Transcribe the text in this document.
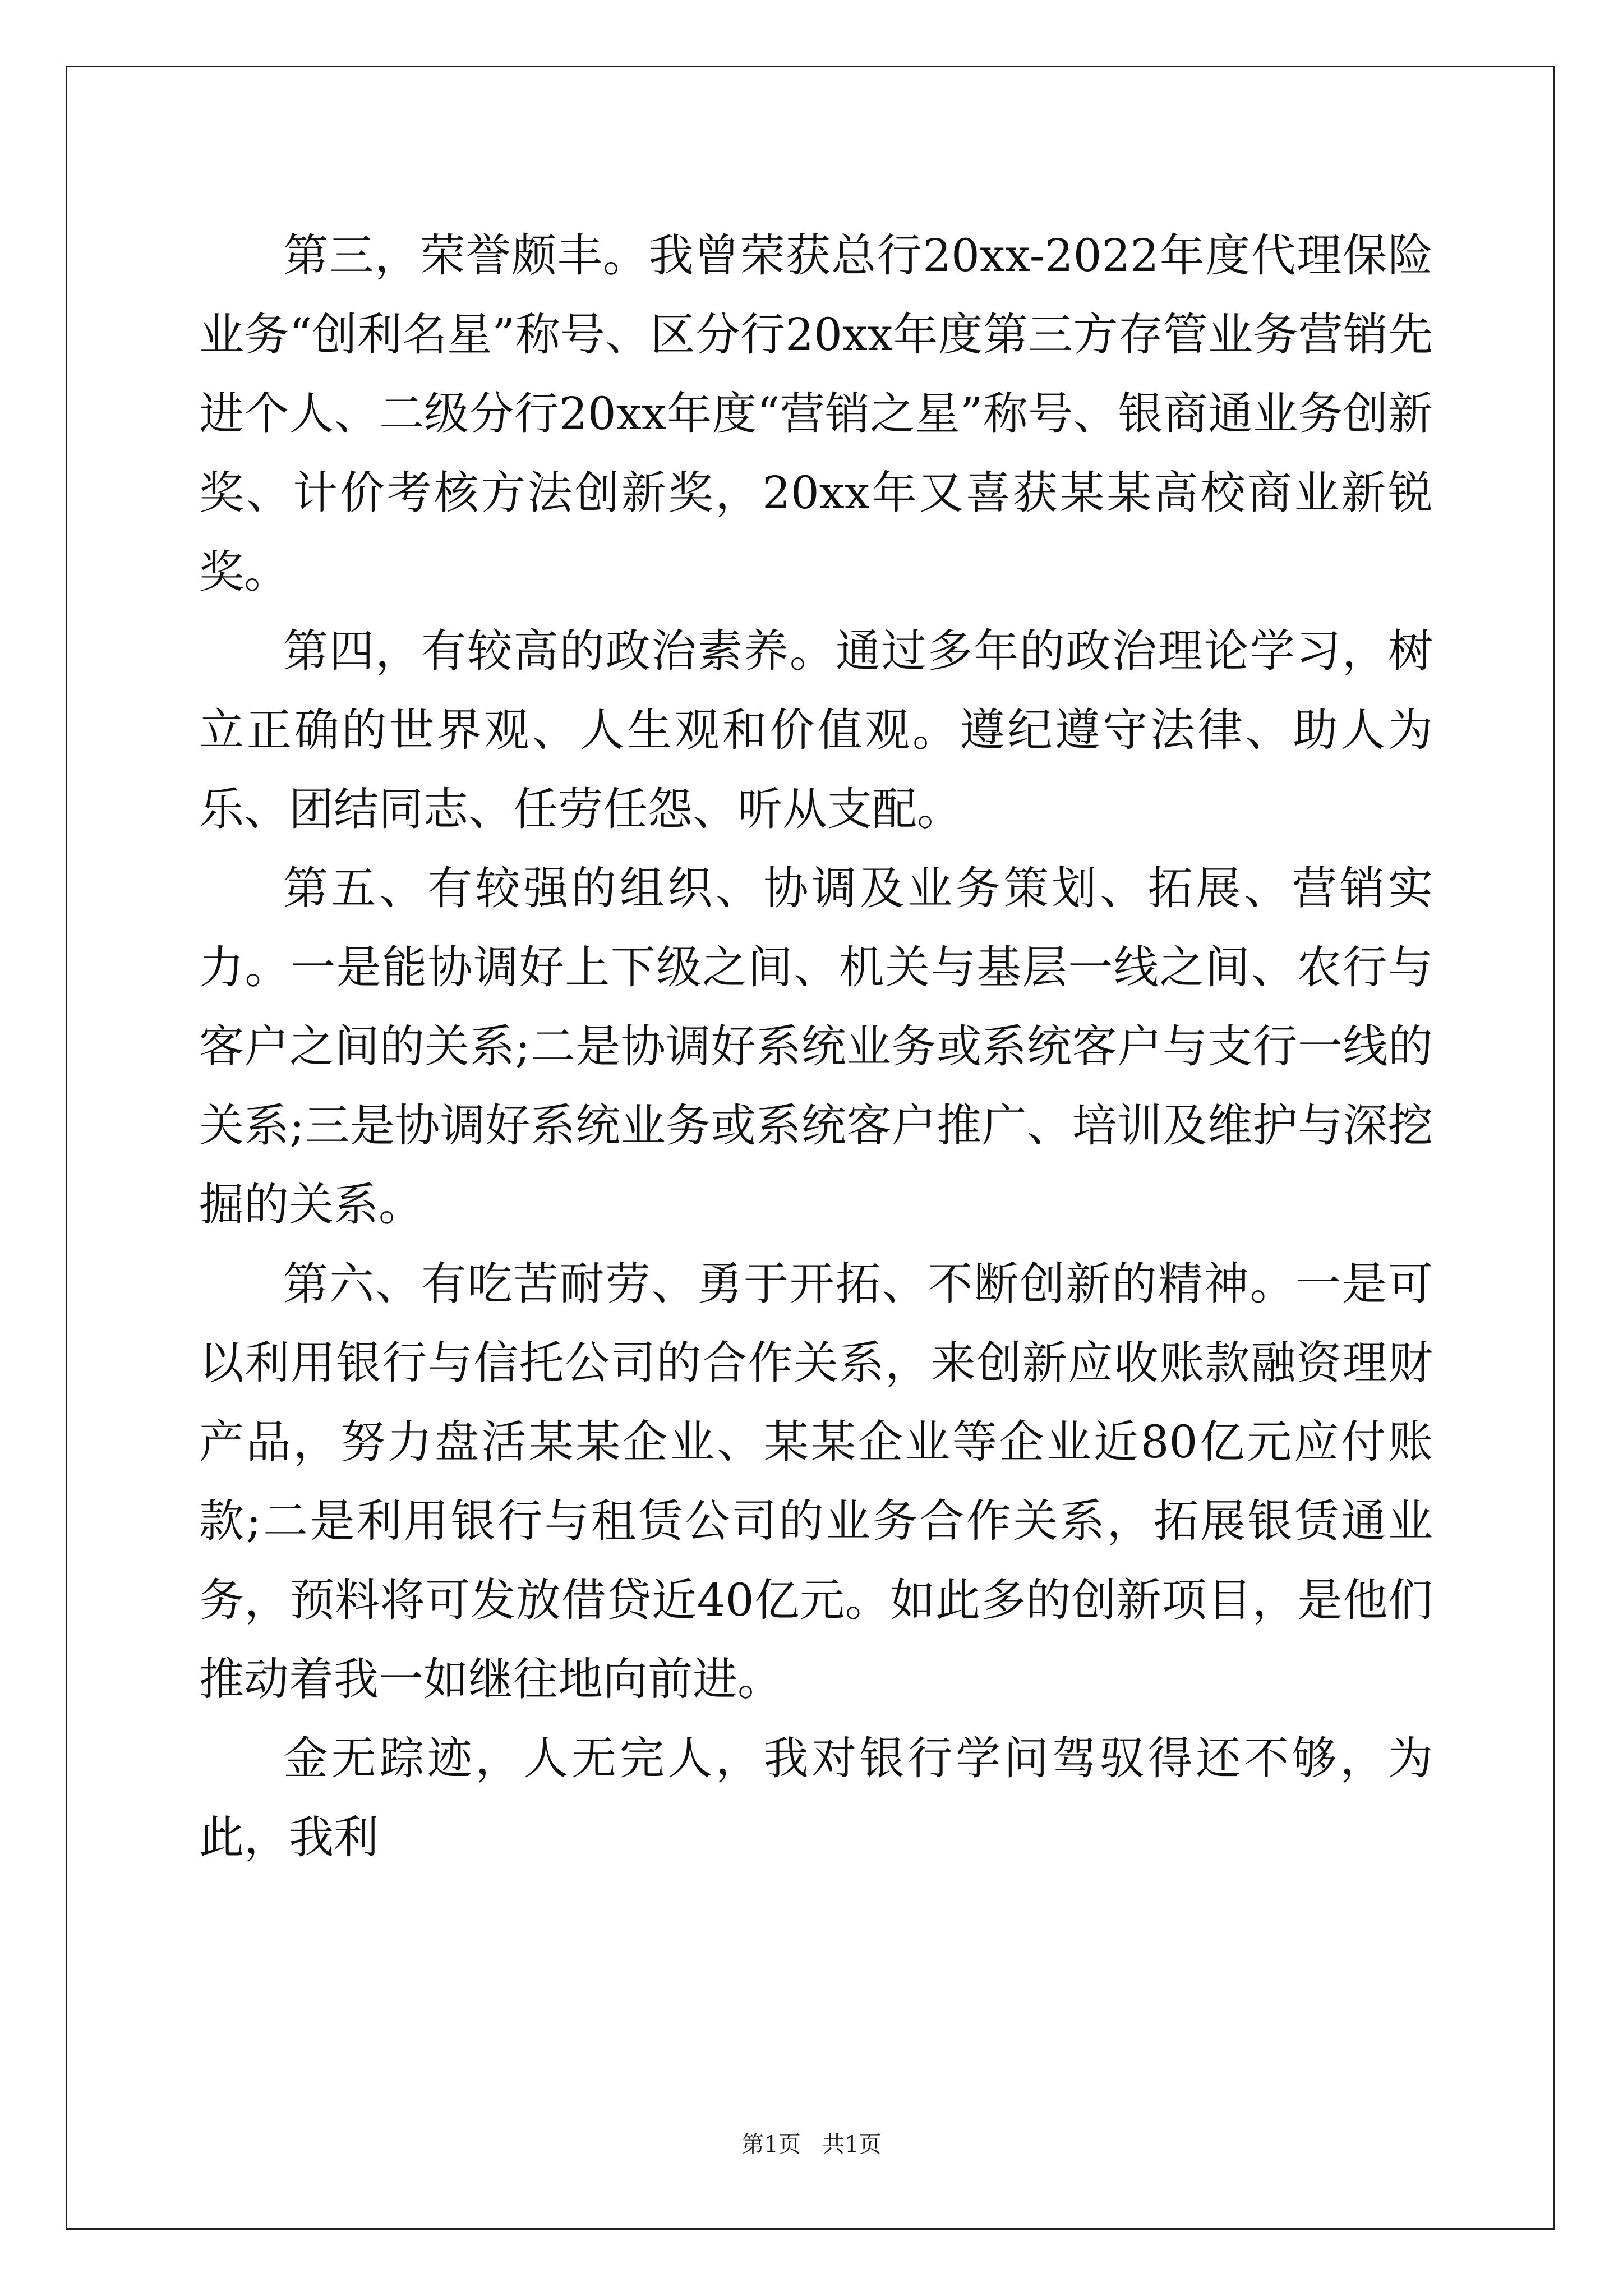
第三，荣誉颇丰。我曾荣获总行20xx-2022年度代理保险业务“创利名星”称号、区分行20xx年度第三方存管业务营销先进个人、二级分行20xx年度“营销之星”称号、银商通业务创新奖、计价考核方法创新奖，20xx年又喜获某某高校商业新锐奖。

第四，有较高的政治素养。通过多年的政治理论学习，树立正确的世界观、人生观和价值观。遵纪遵守法律、助人为乐、团结同志、任劳任怨、听从支配。

第五、有较强的组织、协调及业务策划、拓展、营销实力。一是能协调好上下级之间、机关与基层一线之间、农行与客户之间的关系;二是协调好系统业务或系统客户与支行一线的关系;三是协调好系统业务或系统客户推广、培训及维护与深挖掘的关系。

第六、有吃苦耐劳、勇于开拓、不断创新的精神。一是可以利用银行与信托公司的合作关系，来创新应收账款融资理财产品，努力盘活某某企业、某某企业等企业近80亿元应付账款;二是利用银行与租赁公司的业务合作关系，拓展银赁通业务，预料将可发放借贷近40亿元。如此多的创新项目，是他们推动着我一如继往地向前进。

金无踪迹，人无完人，我对银行学问驾驭得还不够，为此，我利

第1页 共1页
